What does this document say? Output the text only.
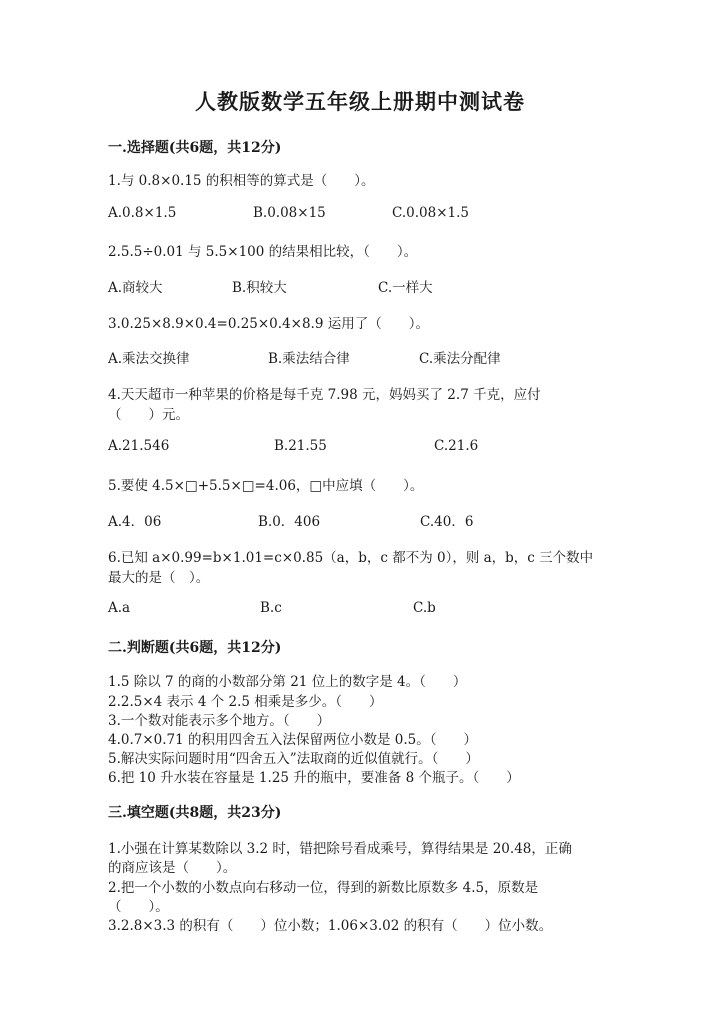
人教版数学五年级上册期中测试卷
一.选择题(共6题，共12分)
1.与 0.8×0.15 的积相等的算式是（　　）。
A.0.8×1.5	B.0.08×15	C.0.08×1.5
2.5.5÷0.01 与 5.5×100 的结果相比较，（　　）。
A.商较大	B.积较大	C.一样大
3.0.25×8.9×0.4=0.25×0.4×8.9 运用了（　　）。
A.乘法交换律	B.乘法结合律	C.乘法分配律
4.天天超市一种苹果的价格是每千克 7.98 元，妈妈买了 2.7 千克，应付
（　　）元。
A.21.546	B.21.55	C.21.6
5.要使 4.5×□+5.5×□=4.06，□中应填（　　）。
A.4．06	B.0．406	C.40．6
6.已知 a×0.99=b×1.01=c×0.85（a，b，c 都不为 0），则 a，b，c 三个数中
最大的是（　）。
A.a	B.c	C.b
二.判断题(共6题，共12分)
1.5 除以 7 的商的小数部分第 21 位上的数字是 4。（　　）
2.2.5×4 表示 4 个 2.5 相乘是多少。（　　）
3.一个数对能表示多个地方。（　　）
4.0.7×0.71 的积用四舍五入法保留两位小数是 0.5。（　　）
5.解决实际问题时用“四舍五入”法取商的近似值就行。（　　）
6.把 10 升水装在容量是 1.25 升的瓶中，要准备 8 个瓶子。（　　）
三.填空题(共8题，共23分)
1.小强在计算某数除以 3.2 时，错把除号看成乘号，算得结果是 20.48，正确
的商应该是（　　）。
2.把一个小数的小数点向右移动一位，得到的新数比原数多 4.5，原数是
（　　）。
3.2.8×3.3 的积有（　　）位小数；1.06×3.02 的积有（　　）位小数。
